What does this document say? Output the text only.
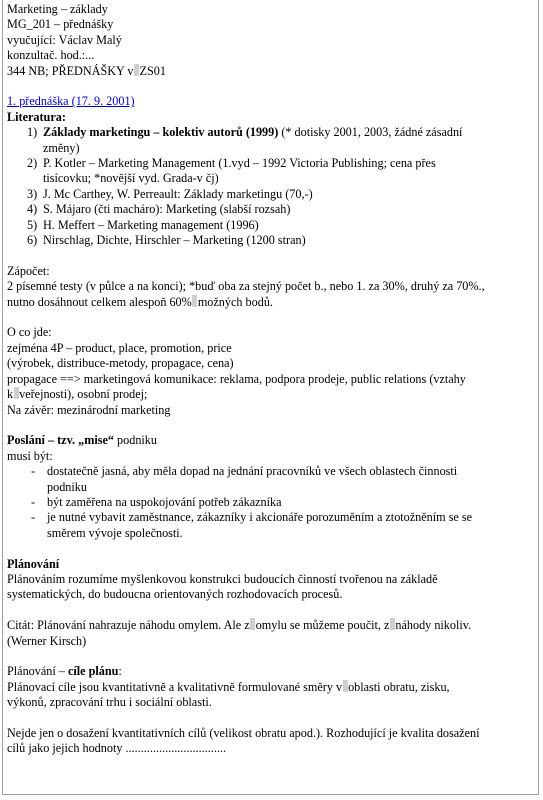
Marketing – základy
MG_201 – přednášky
vyučující: Václav Malý
konzultač. hod.:...
344 NB; PŘEDNÁŠKY v ZS01
1. přednáška (17. 9. 2001)
Literatura:
1) Základy marketingu – kolektiv autorů (1999) (* dotisky 2001, 2003, žádné zásadní
změny)
2) P. Kotler – Marketing Management (1.vyd – 1992 Victoria Publishing; cena přes
tisícovku; *novější vyd. Grada-v čj)
3) J. Mc Carthey, W. Perreault: Základy marketingu (70,-)
4) S. Májaro (čti macháro): Marketing (slabší rozsah)
5) H. Meffert – Marketing management (1996)
6) Nirschlag, Dichte, Hirschler – Marketing (1200 stran)
Zápočet:
2 písemné testy (v půlce a na konci); *buď oba za stejný počet b., nebo 1. za 30%, druhý za 70%.,
nutno dosáhnout celkem alespoň 60% možných bodů.
O co jde:
zejména 4P – product, place, promotion, price
(výrobek, distribuce-metody, propagace, cena)
propagace ==> marketingová komunikace: reklama, podpora prodeje, public relations (vztahy
k veřejnosti), osobní prodej;
Na závěr: mezinárodní marketing
Poslání – tzv. „mise“ podniku
musí být:
- dostatečně jasná, aby měla dopad na jednání pracovníků ve všech oblastech činnosti
podniku
- být zaměřena na uspokojování potřeb zákazníka
- je nutné vybavit zaměstnance, zákazníky i akcionáře porozuměním a ztotožněním se se
směrem vývoje společnosti.
Plánování
Plánováním rozumíme myšlenkovou konstrukci budoucích činností tvořenou na základě
systematických, do budoucna orientovaných rozhodovacích procesů.
Citát: Plánování nahrazuje náhodu omylem. Ale z omylu se můžeme poučit, z náhody nikoliv.
(Werner Kirsch)
Plánování – cíle plánu:
Plánovací cíle jsou kvantitativně a kvalitativně formulované směry v oblasti obratu, zisku,
výkonů, zpracování trhu i sociální oblasti.
Nejde jen o dosažení kvantitativních cílů (velikost obratu apod.). Rozhodující je kvalita dosažení
cílů jako jejich hodnoty .................................
